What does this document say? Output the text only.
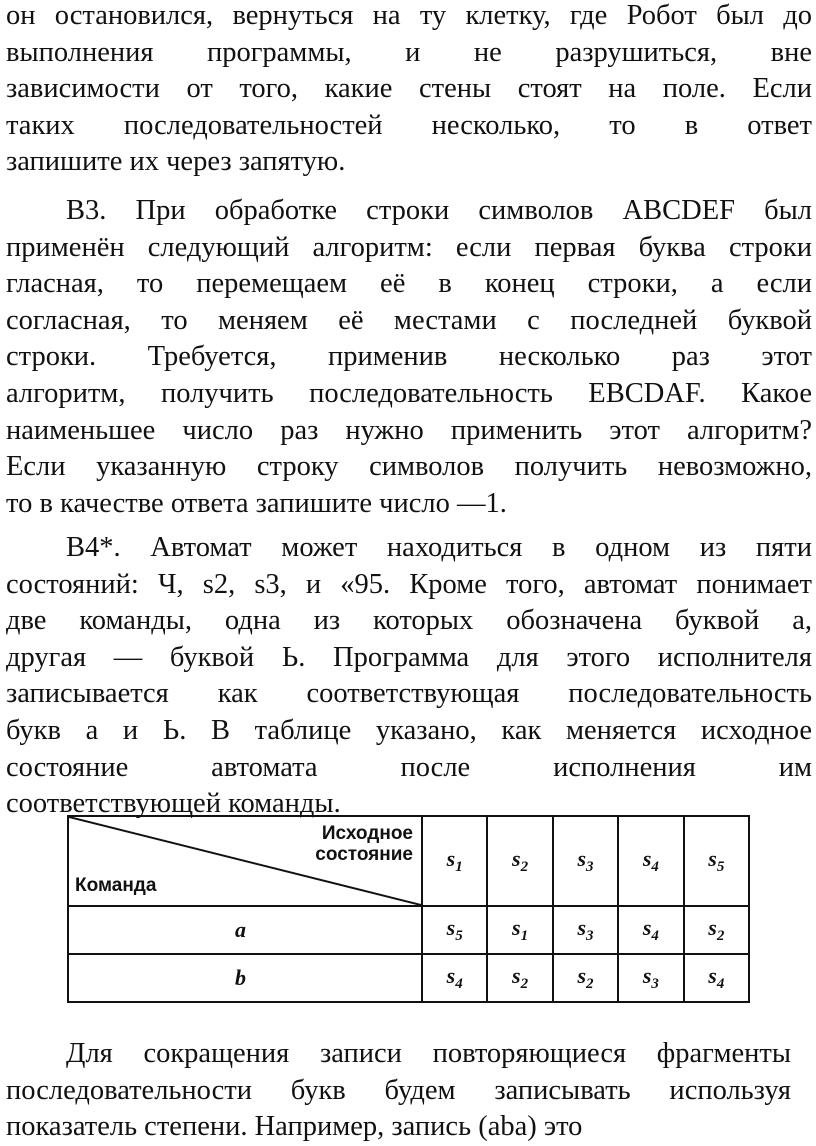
он остановился, вернуться на ту клетку, где Робот был до
выполнения программы, и не разрушиться, вне
зависимости от того, какие стены стоят на поле. Если
таких последовательностей несколько, то в ответ
запишите их через запятую.
В3. При обработке строки символов ABCDEF был
применён следующий алгоритм: если первая буква строки
гласная, то перемещаем её в конец строки, а если
согласная, то меняем её местами с последней буквой
строки. Требуется, применив несколько раз этот
алгоритм, получить последовательность EBCDAF. Какое
наименьшее число раз нужно применить этот алгоритм?
Если указанную строку символов получить невозможно,
то в качестве ответа запишите число —1.
В4*. Автомат может находиться в одном из пяти
состояний: Ч, s2, s3, и «95. Кроме того, автомат понимает
две команды, одна из которых обозначена буквой а,
другая — буквой Ь. Программа для этого исполнителя
записывается как соответствующая последовательность
букв а и Ь. В таблице указано, как меняется исходное
состояние автомата после исполнения им
соответствующей команды.
Исходное
состояние
Команда	$s_1$	$s_2$	$s_3$	$s_4$	$s_5$
a	$s_5$	$s_1$	$s_3$	$s_4$	$s_2$
b	$s_4$	$s_2$	$s_2$	$s_3$	$s_4$
Для сокращения записи повторяющиеся фрагменты
последовательности букв будем записывать используя
показатель степени. Например, запись (aba) это
